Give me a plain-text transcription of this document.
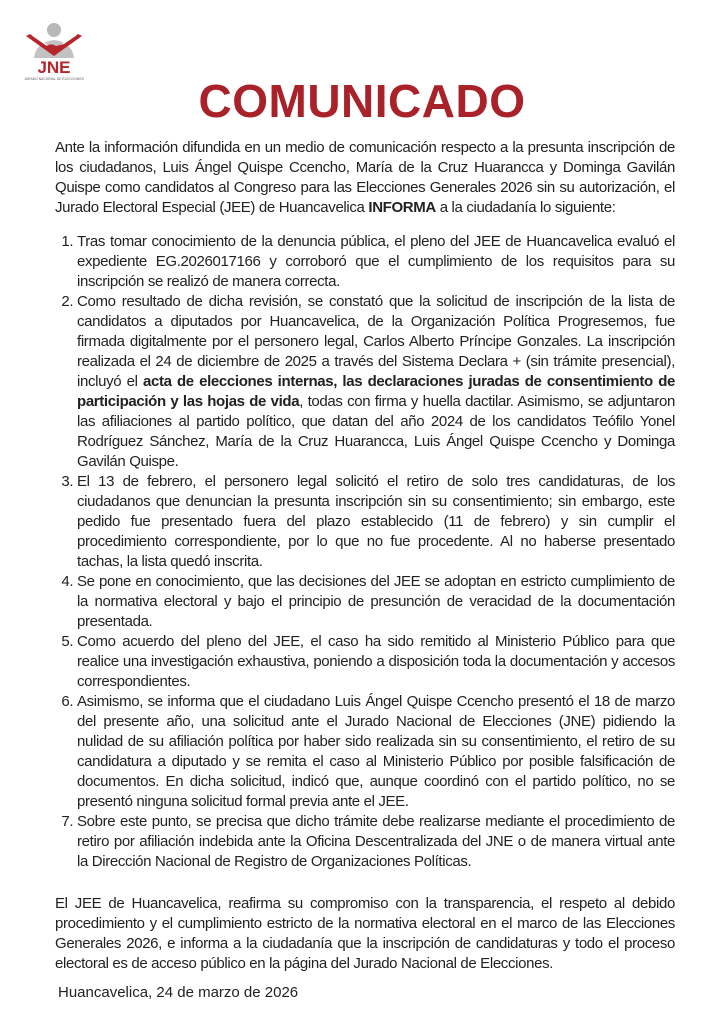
JNE
JURADO NACIONAL DE ELECCIONES	COMUNICADO

Ante la información difundida en un medio de comunicación respecto a la presunta inscripción de los ciudadanos, Luis Ángel Quispe Ccencho, María de la Cruz Huarancca y Dominga Gavilán Quispe como candidatos al Congreso para las Elecciones Generales 2026 sin su autorización, el Jurado Electoral Especial (JEE) de Huancavelica INFORMA a la ciudadanía lo siguiente:

1. Tras tomar conocimiento de la denuncia pública, el pleno del JEE de Huancavelica evaluó el expediente EG.2026017166 y corroboró que el cumplimiento de los requisitos para su inscripción se realizó de manera correcta.
2. Como resultado de dicha revisión, se constató que la solicitud de inscripción de la lista de candidatos a diputados por Huancavelica, de la Organización Política Progresemos, fue firmada digitalmente por el personero legal, Carlos Alberto Príncipe Gonzales. La inscripción realizada el 24 de diciembre de 2025 a través del Sistema Declara + (sin trámite presencial), incluyó el acta de elecciones internas, las declaraciones juradas de consentimiento de participación y las hojas de vida, todas con firma y huella dactilar. Asimismo, se adjuntaron las afiliaciones al partido político, que datan del año 2024 de los candidatos Teófilo Yonel Rodríguez Sánchez, María de la Cruz Huarancca, Luis Ángel Quispe Ccencho y Dominga Gavilán Quispe.
3. El 13 de febrero, el personero legal solicitó el retiro de solo tres candidaturas, de los ciudadanos que denuncian la presunta inscripción sin su consentimiento; sin embargo, este pedido fue presentado fuera del plazo establecido (11 de febrero) y sin cumplir el procedimiento correspondiente, por lo que no fue procedente. Al no haberse presentado tachas, la lista quedó inscrita.
4. Se pone en conocimiento, que las decisiones del JEE se adoptan en estricto cumplimiento de la normativa electoral y bajo el principio de presunción de veracidad de la documentación presentada.
5. Como acuerdo del pleno del JEE, el caso ha sido remitido al Ministerio Público para que realice una investigación exhaustiva, poniendo a disposición toda la documentación y accesos correspondientes.
6. Asimismo, se informa que el ciudadano Luis Ángel Quispe Ccencho presentó el 18 de marzo del presente año, una solicitud ante el Jurado Nacional de Elecciones (JNE) pidiendo la nulidad de su afiliación política por haber sido realizada sin su consentimiento, el retiro de su candidatura a diputado y se remita el caso al Ministerio Público por posible falsificación de documentos. En dicha solicitud, indicó que, aunque coordinó con el partido político, no se presentó ninguna solicitud formal previa ante el JEE.
7. Sobre este punto, se precisa que dicho trámite debe realizarse mediante el procedimiento de retiro por afiliación indebida ante la Oficina Descentralizada del JNE o de manera virtual ante la Dirección Nacional de Registro de Organizaciones Políticas.

El JEE de Huancavelica, reafirma su compromiso con la transparencia, el respeto al debido procedimiento y el cumplimiento estricto de la normativa electoral en el marco de las Elecciones Generales 2026, e informa a la ciudadanía que la inscripción de candidaturas y todo el proceso electoral es de acceso público en la página del Jurado Nacional de Elecciones.

Huancavelica, 24 de marzo de 2026
